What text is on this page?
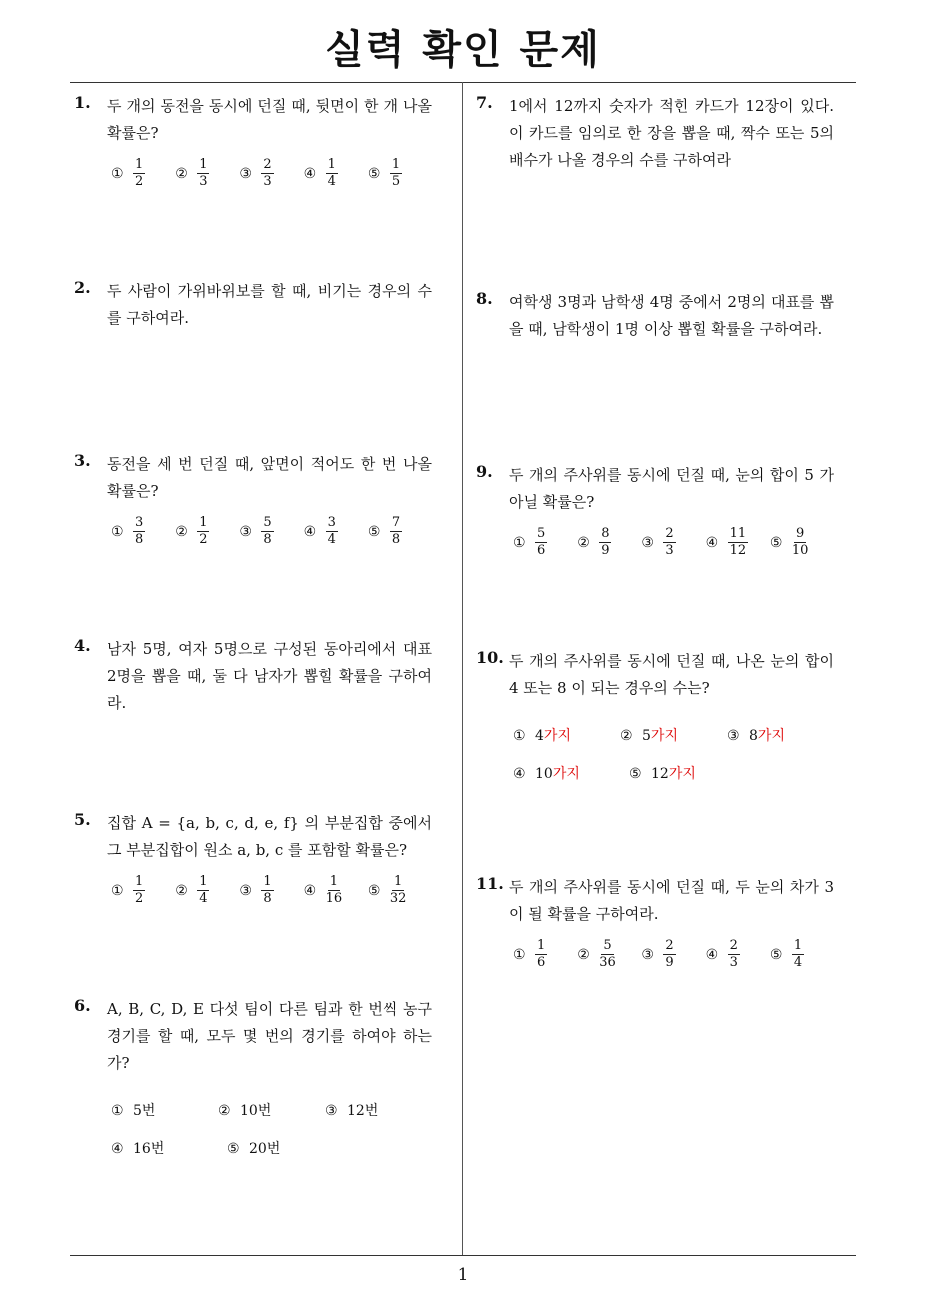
실력 확인 문제
1. 두 개의 동전을 동시에 던질 때, 뒷면이 한 개 나올 확률은?
① $\frac{1}{2}$ ② $\frac{1}{3}$ ③ $\frac{2}{3}$ ④ $\frac{1}{4}$ ⑤ $\frac{1}{5}$
2. 두 사람이 가위바위보를 할 때, 비기는 경우의 수를 구하여라.
3. 동전을 세 번 던질 때, 앞면이 적어도 한 번 나올 확률은?
① $\frac{3}{8}$ ② $\frac{1}{2}$ ③ $\frac{5}{8}$ ④ $\frac{3}{4}$ ⑤ $\frac{7}{8}$
4. 남자 5명, 여자 5명으로 구성된 동아리에서 대표 2명을 뽑을 때, 둘 다 남자가 뽑힐 확률을 구하여라.
5. 집합 A = {a, b, c, d, e, f} 의 부분집합 중에서 그 부분집합이 원소 a, b, c 를 포함할 확률은?
① $\frac{1}{2}$ ② $\frac{1}{4}$ ③ $\frac{1}{8}$ ④ $\frac{1}{16}$ ⑤ $\frac{1}{32}$
6. A, B, C, D, E 다섯 팀이 다른 팀과 한 번씩 농구 경기를 할 때, 모두 몇 번의 경기를 하여야 하는가?
① 5번	② 10번	③ 12번
④ 16번	⑤ 20번
7. 1에서 12까지 숫자가 적힌 카드가 12장이 있다. 이 카드를 임의로 한 장을 뽑을 때, 짝수 또는 5의 배수가 나올 경우의 수를 구하여라
8. 여학생 3명과 남학생 4명 중에서 2명의 대표를 뽑을 때, 남학생이 1명 이상 뽑힐 확률을 구하여라.
9. 두 개의 주사위를 동시에 던질 때, 눈의 합이 5 가 아닐 확률은?
① $\frac{5}{6}$ ② $\frac{8}{9}$ ③ $\frac{2}{3}$ ④ $\frac{11}{12}$ ⑤ $\frac{9}{10}$
10. 두 개의 주사위를 동시에 던질 때, 나온 눈의 합이 4 또는 8 이 되는 경우의 수는?
① 4가지	② 5가지	③ 8가지
④ 10가지	⑤ 12가지
11. 두 개의 주사위를 동시에 던질 때, 두 눈의 차가 3 이 될 확률을 구하여라.
① $\frac{1}{6}$ ② $\frac{5}{36}$ ③ $\frac{2}{9}$ ④ $\frac{2}{3}$ ⑤ $\frac{1}{4}$
1
